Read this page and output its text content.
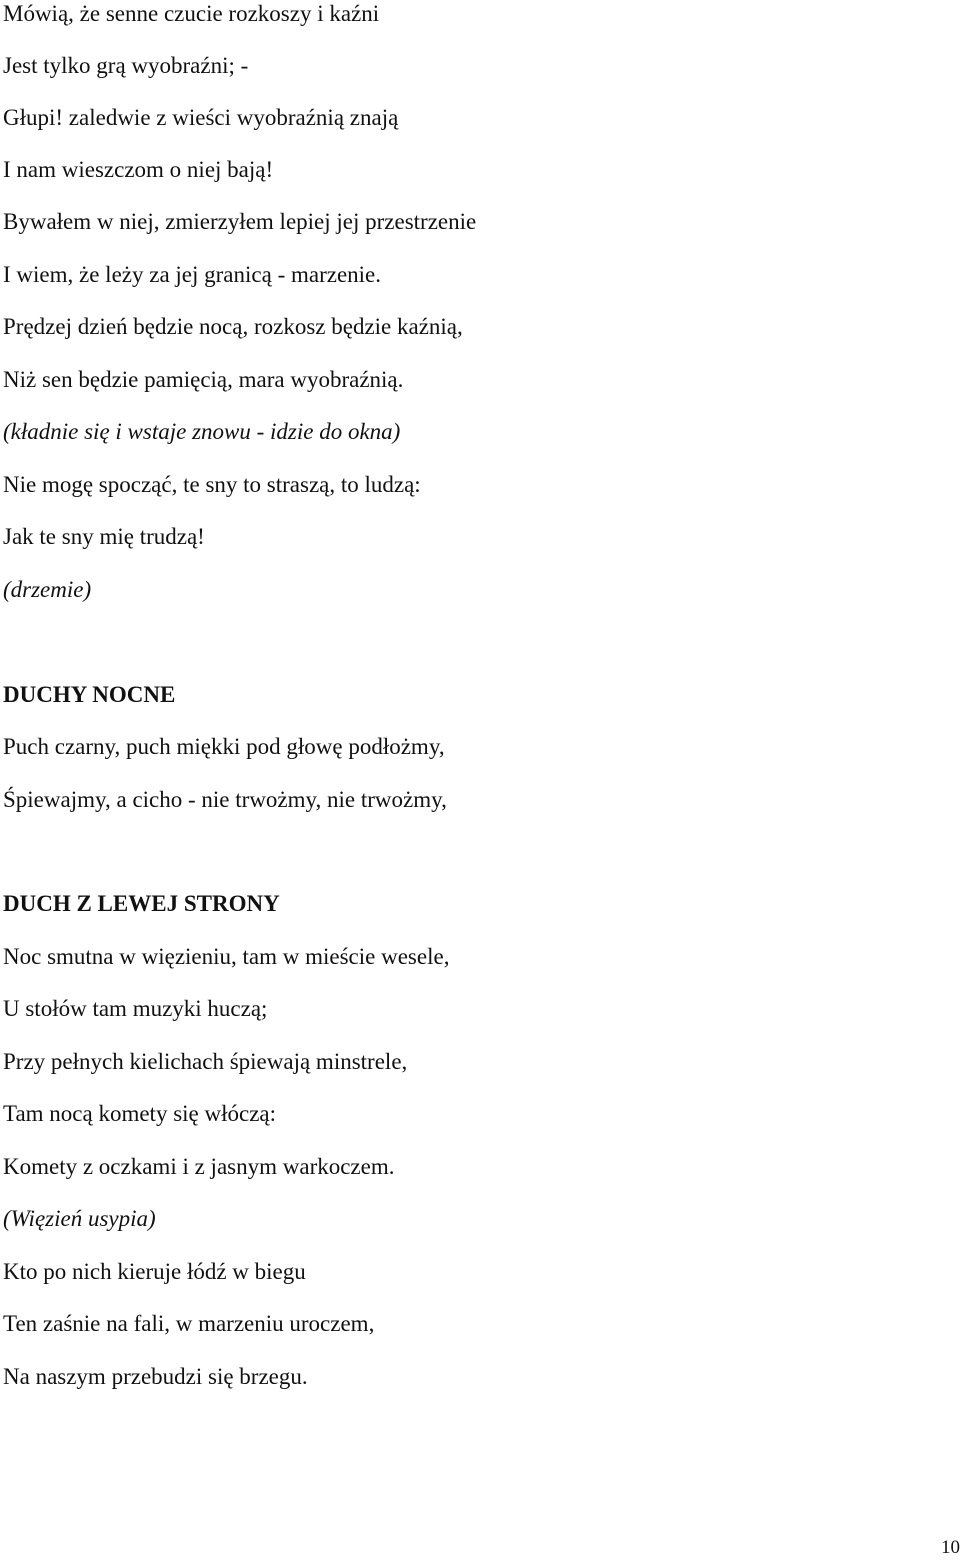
Mówią, że senne czucie rozkoszy i kaźni
Jest tylko grą wyobraźni; -
Głupi! zaledwie z wieści wyobraźnią znają
I nam wieszczom o niej bają!
Bywałem w niej, zmierzyłem lepiej jej przestrzenie
I wiem, że leży za jej granicą - marzenie.
Prędzej dzień będzie nocą, rozkosz będzie kaźnią,
Niż sen będzie pamięcią, mara wyobraźnią.
(kładnie się i wstaje znowu - idzie do okna)
Nie mogę spocząć, te sny to straszą, to ludzą:
Jak te sny mię trudzą!
(drzemie)
DUCHY NOCNE
Puch czarny, puch miękki pod głowę podłożmy,
Śpiewajmy, a cicho - nie trwożmy, nie trwożmy,
DUCH Z LEWEJ STRONY
Noc smutna w więzieniu, tam w mieście wesele,
U stołów tam muzyki huczą;
Przy pełnych kielichach śpiewają minstrele,
Tam nocą komety się włóczą:
Komety z oczkami i z jasnym warkoczem.
(Więzień usypia)
Kto po nich kieruje łódź w biegu
Ten zaśnie na fali, w marzeniu uroczem,
Na naszym przebudzi się brzegu.
10
